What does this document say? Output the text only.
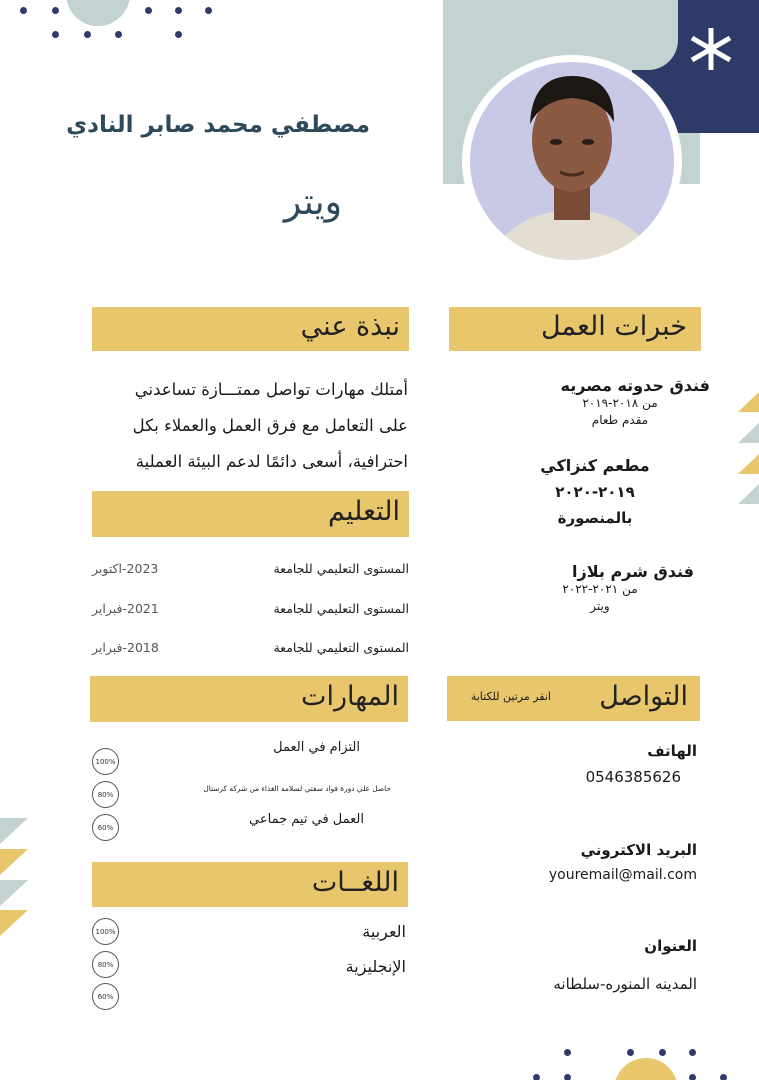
مصطفي محمد صابر النادي
ويتر
نبذة عني
أمتلك مهارات تواصل ممتـــازة تساعدني
على التعامل مع فرق العمل والعملاء بكل
احترافية، أسعى دائمًا لدعم البيئة العملية
التعليم
المستوى التعليمي للجامعة
2023-اكتوبر
المستوى التعليمي للجامعة
2021-فبراير
المستوى التعليمي للجامعة
2018-فبراير
المهارات
100%
80%
60%
التزام في العمل
حاصل علي دورة فواد سفتي لسلامه الغذاء من شركه كرستال
العمل في تيم جماعي
اللغــات
100%
80%
60%
العربية
الإنجليزية
خبرات العمل
فندق حدوته مصريه
من ٢٠١٨-٢٠١٩
مقدم طعام
مطعم كنزاكي
٢٠١٩-٢٠٢٠
بالمنصورة
فندق شرم بلازا
من ٢٠٢١-٢٠٢٢
ويتر
التواصل
انقر مرتين للكتابة
الهاتف
0546385626
البريد الاكتروني
youremail@mail.com
العنوان
المدينه المنوره-سلطانه
